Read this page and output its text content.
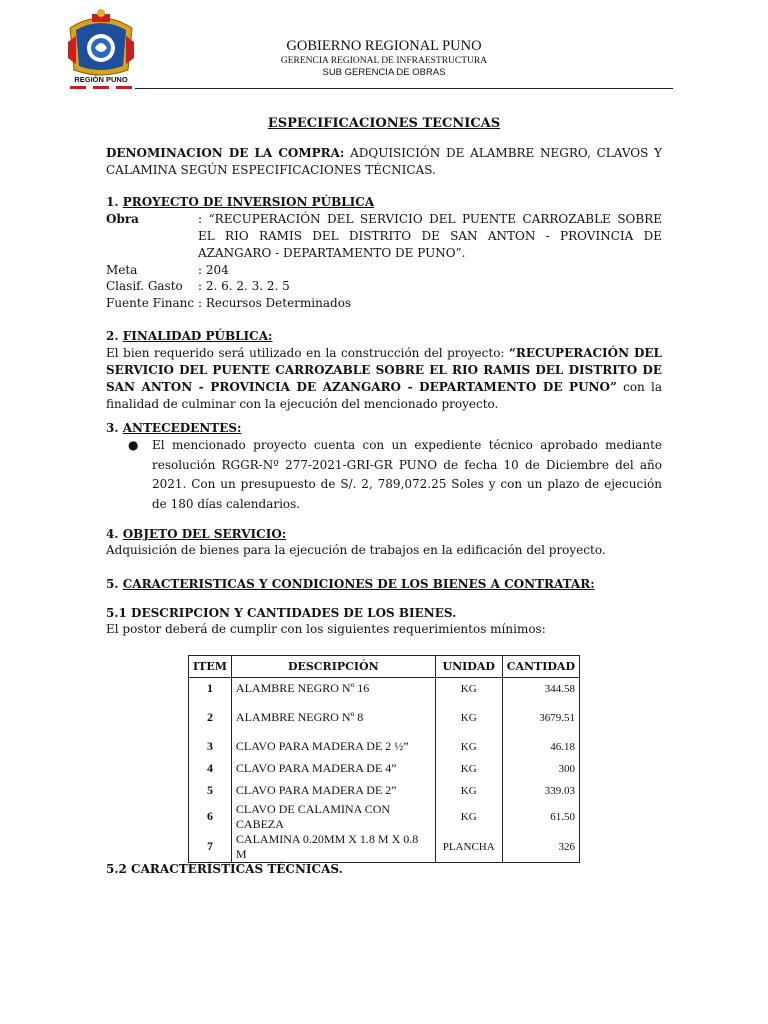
REGIÓN PUNO
GOBIERNO REGIONAL PUNO
GERENCIA REGIONAL DE INFRAESTRUCTURA
SUB GERENCIA DE OBRAS
ESPECIFICACIONES TECNICAS
DENOMINACION DE LA COMPRA: ADQUISICIÓN DE ALAMBRE NEGRO, CLAVOS Y CALAMINA SEGÚN ESPECIFICACIONES TÉCNICAS.
1. PROYECTO DE INVERSION PÚBLICA
Obra	: “RECUPERACIÓN DEL SERVICIO DEL PUENTE CARROZABLE SOBRE EL RIO RAMIS DEL DISTRITO DE SAN ANTON - PROVINCIA DE AZANGARO - DEPARTAMENTO DE PUNO”.
Meta	: 204
Clasif. Gasto : 2. 6. 2. 3. 2. 5
Fuente Financ : Recursos Determinados
2. FINALIDAD PÚBLICA:
El bien requerido será utilizado en la construcción del proyecto: “RECUPERACIÓN DEL SERVICIO DEL PUENTE CARROZABLE SOBRE EL RIO RAMIS DEL DISTRITO DE SAN ANTON - PROVINCIA DE AZANGARO - DEPARTAMENTO DE PUNO” con la finalidad de culminar con la ejecución del mencionado proyecto.
3. ANTECEDENTES:
● El mencionado proyecto cuenta con un expediente técnico aprobado mediante resolución RGGR-Nº 277-2021-GRI-GR PUNO de fecha 10 de Diciembre del año 2021. Con un presupuesto de S/. 2, 789,072.25 Soles y con un plazo de ejecución de 180 días calendarios.
4. OBJETO DEL SERVICIO:
Adquisición de bienes para la ejecución de trabajos en la edificación del proyecto.
5. CARACTERISTICAS Y CONDICIONES DE LOS BIENES A CONTRATAR:
5.1 DESCRIPCION Y CANTIDADES DE LOS BIENES.
El postor deberá de cumplir con los siguientes requerimientos mínimos:
ITEM	DESCRIPCIÓN	UNIDAD	CANTIDAD
1	ALAMBRE NEGRO Nº 16	KG	344.58
2	ALAMBRE NEGRO Nº 8	KG	3679.51
3	CLAVO PARA MADERA DE 2 ½”	KG	46.18
4	CLAVO PARA MADERA DE 4”	KG	300
5	CLAVO PARA MADERA DE 2”	KG	339.03
6	CLAVO DE CALAMINA CON CABEZA	KG	61.50
7	CALAMINA 0.20MM X 1.8 M X 0.8 M	PLANCHA	326
5.2 CARACTERÍSTICAS TÉCNICAS.
